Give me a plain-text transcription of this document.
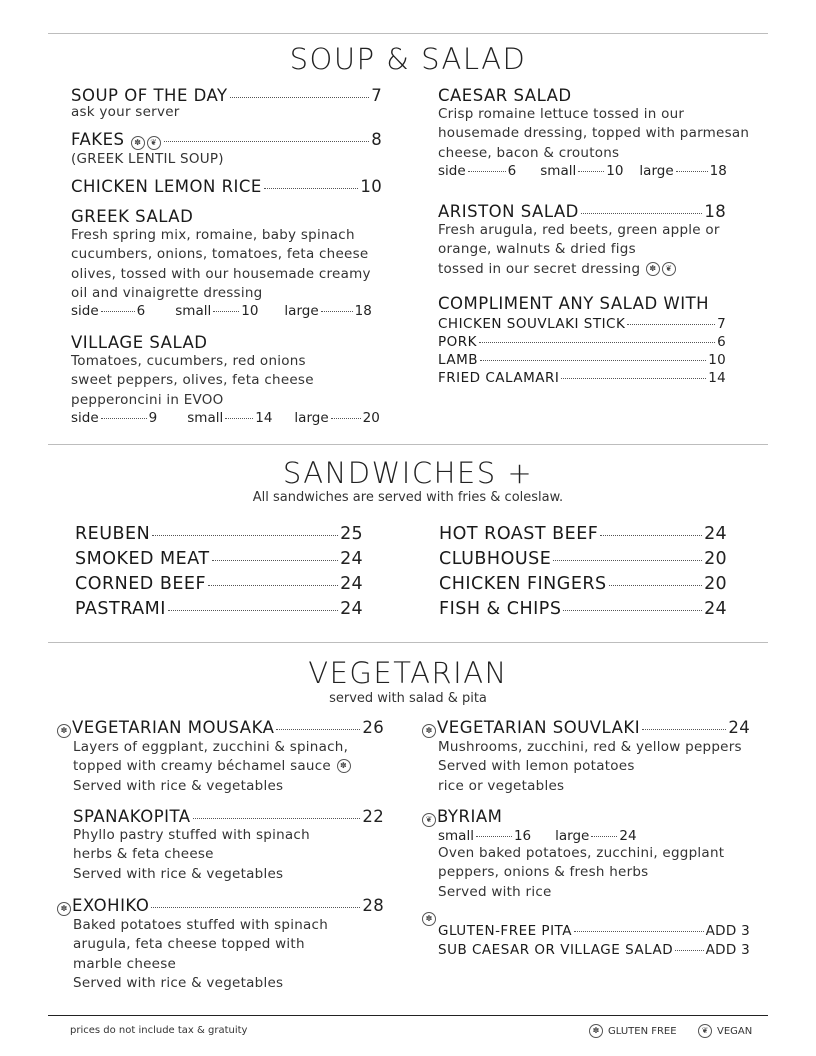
SOUP & SALAD
SOUP OF THE DAY	7
ask your server
FAKES
	✽	❦	8
(GREEK LENTIL SOUP)
CHICKEN LEMON RICE	10
GREEK SALAD
Fresh spring mix, romaine, baby spinach
cucumbers, onions, tomatoes, feta cheese
olives, tossed with our housemade creamy
oil and vinaigrette dressing
side	6 small 10 large	18
VILLAGE SALAD
Tomatoes, cucumbers, red onions
sweet peppers, olives, feta cheese
pepperoncini in EVOO
side	9 small 14 large	20
CAESAR SALAD
Crisp romaine lettuce tossed in our
housemade dressing, topped with parmesan
cheese, bacon & croutons
side	6 small 10 large	18
ARISTON SALAD	18
Fresh arugula, red beets, green apple or
orange, walnuts & dried figs
tossed in our secret dressing ✽ ❦
COMPLIMENT ANY SALAD WITH
CHICKEN SOUVLAKI STICK	7
PORK	6
LAMB	10
FRIED CALAMARI	14
SANDWICHES +
All sandwiches are served with fries & coleslaw.
REUBEN	25
SMOKED MEAT	24
CORNED BEEF	24
PASTRAMI	24
HOT ROAST BEEF	24
CLUBHOUSE	20
CHICKEN FINGERS	20
FISH & CHIPS	24
VEGETARIAN
served with salad & pita
✽ VEGETARIAN MOUSAKA	26
Layers of eggplant, zucchini & spinach,
topped with creamy béchamel sauce ✽
Served with rice & vegetables
SPANAKOPITA	22
Phyllo pastry stuffed with spinach
herbs & feta cheese
Served with rice & vegetables
✽ EXOHIKO	28
Baked potatoes stuffed with spinach
arugula, feta cheese topped with
marble cheese
Served with rice & vegetables
✽ VEGETARIAN SOUVLAKI	24
Mushrooms, zucchini, red & yellow peppers
Served with lemon potatoes
rice or vegetables
❦ BYRIAM
small	16 large 24
Oven baked potatoes, zucchini, eggplant
peppers, onions & fresh herbs
Served with rice
✽
GLUTEN-FREE PITA	ADD 3
SUB CAESAR OR VILLAGE SALAD ADD 3
prices do not include tax & gratuity	✽ GLUTEN FREE	❦ VEGAN
